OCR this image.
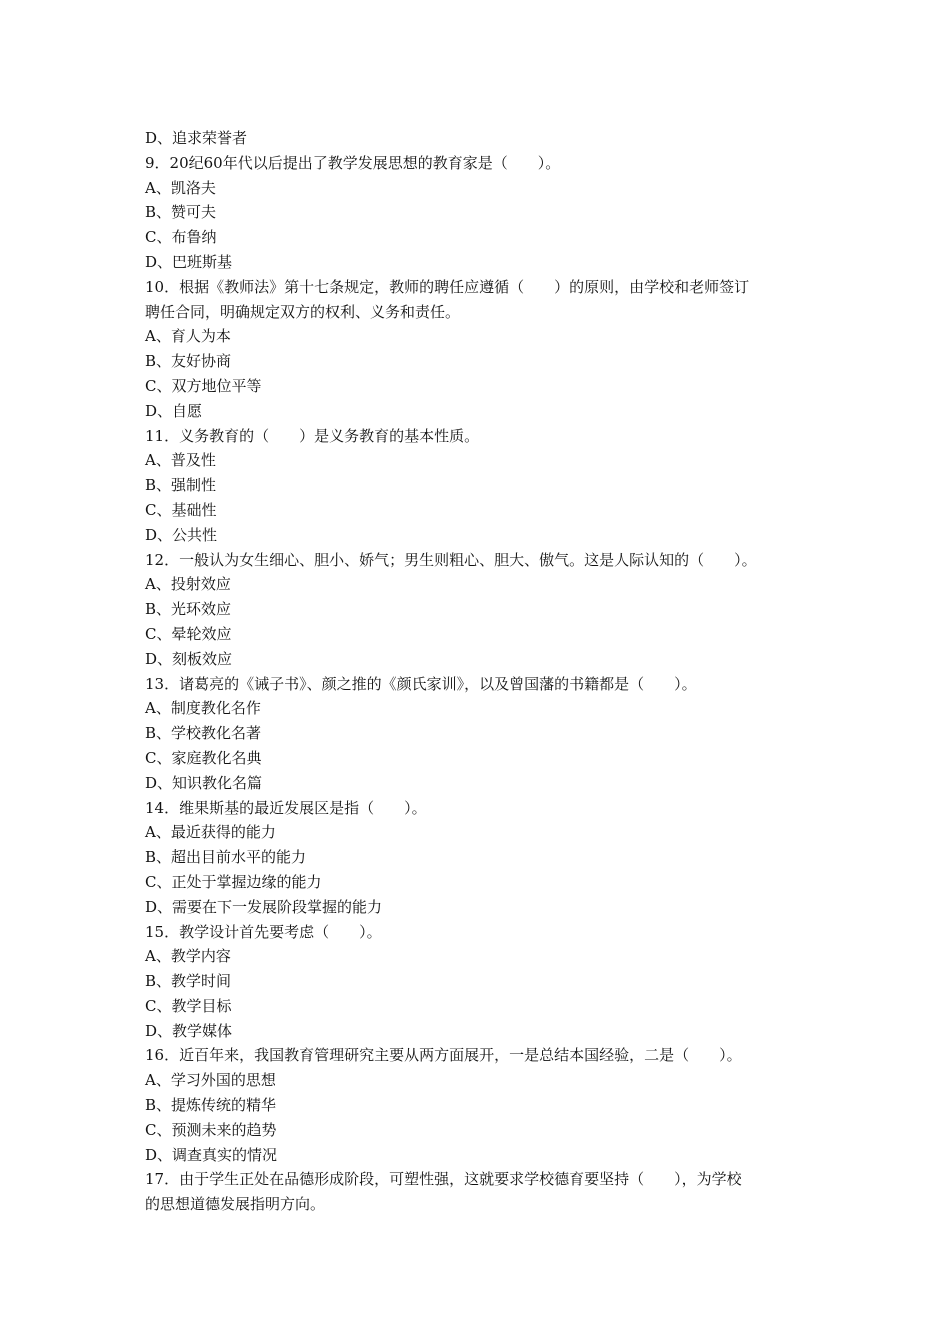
D、追求荣誉者
9．20纪60年代以后提出了教学发展思想的教育家是（　　）。
A、凯洛夫
B、赞可夫
C、布鲁纳
D、巴班斯基
10．根据《教师法》第十七条规定，教师的聘任应遵循（　　）的原则，由学校和老师签订
聘任合同，明确规定双方的权利、义务和责任。
A、育人为本
B、友好协商
C、双方地位平等
D、自愿
11．义务教育的（　　）是义务教育的基本性质。
A、普及性
B、强制性
C、基础性
D、公共性
12．一般认为女生细心、胆小、娇气；男生则粗心、胆大、傲气。这是人际认知的（　　）。
A、投射效应
B、光环效应
C、晕轮效应
D、刻板效应
13．诸葛亮的《诫子书》、颜之推的《颜氏家训》，以及曾国藩的书籍都是（　　）。
A、制度教化名作
B、学校教化名著
C、家庭教化名典
D、知识教化名篇
14．维果斯基的最近发展区是指（　　）。
A、最近获得的能力
B、超出目前水平的能力
C、正处于掌握边缘的能力
D、需要在下一发展阶段掌握的能力
15．教学设计首先要考虑（　　）。
A、教学内容
B、教学时间
C、教学目标
D、教学媒体
16．近百年来，我国教育管理研究主要从两方面展开，一是总结本国经验，二是（　　）。
A、学习外国的思想
B、提炼传统的精华
C、预测未来的趋势
D、调查真实的情况
17．由于学生正处在品德形成阶段，可塑性强，这就要求学校德育要坚持（　　），为学校
的思想道德发展指明方向。
